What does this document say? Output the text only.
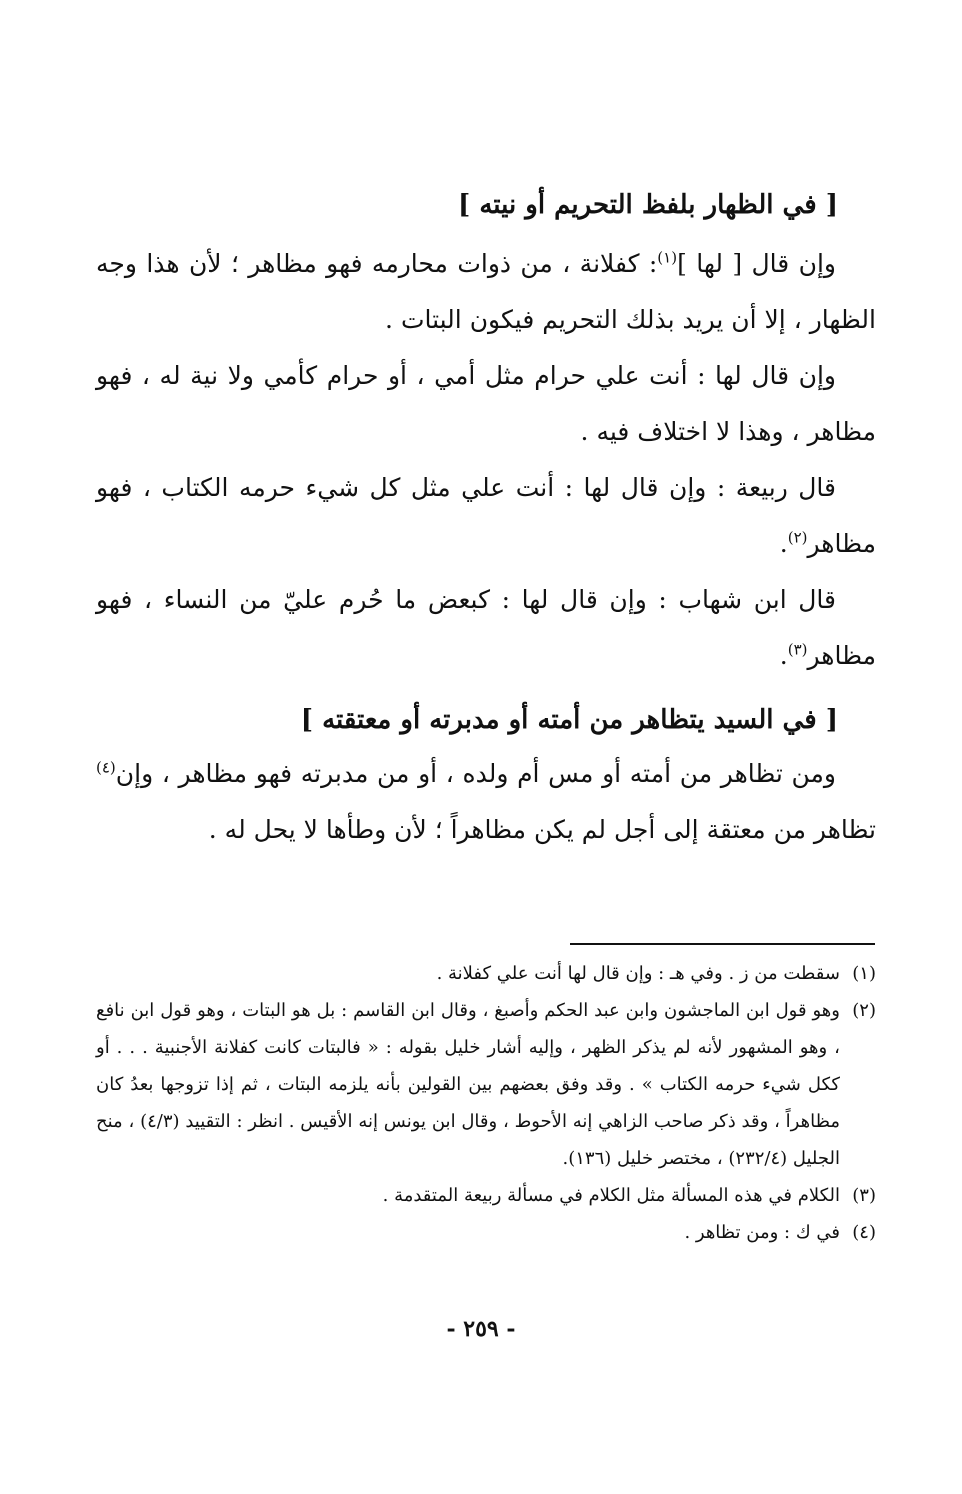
[ في الظهار بلفظ التحريم أو نيته ]

وإن قال [ لها ]$^{(١)}$: كفلانة ، من ذوات محارمه فهو مظاهر ؛ لأن هذا وجه الظهار ، إلا أن يريد بذلك التحريم فيكون البتات .

وإن قال لها : أنت علي حرام مثل أمي ، أو حرام كأمي ولا نية له ، فهو مظاهر ، وهذا لا اختلاف فيه .

قال ربيعة : وإن قال لها : أنت علي مثل كل شيء حرمه الكتاب ، فهو مظاهر$^{(٢)}$.

قال ابن شهاب : وإن قال لها : كبعض ما حُرم عليّ من النساء ، فهو مظاهر$^{(٣)}$.

[ في السيد يتظاهر من أمته أو مدبرته أو معتقته ]

ومن تظاهر من أمته أو مس أم ولده ، أو من مدبرته فهو مظاهر ، وإن$^{(٤)}$ تظاهر من معتقة إلى أجل لم يكن مظاهراً ؛ لأن وطأها لا يحل له .

(١)
سقطت من ز . وفي هـ : وإن قال لها أنت علي كفلانة .
(٢)
وهو قول ابن الماجشون وابن عبد الحكم وأصبغ ، وقال ابن القاسم : بل هو البتات ، وهو قول ابن نافع ، وهو المشهور لأنه لم يذكر الظهر ، وإليه أشار خليل بقوله : « فالبتات كانت كفلانة الأجنبية . . . أو ككل شيء حرمه الكتاب » . وقد وفق بعضهم بين القولين بأنه يلزمه البتات ، ثم إذا تزوجها بعدُ كان مظاهراً ، وقد ذكر صاحب الزاهي إنه الأحوط ، وقال ابن يونس إنه الأقيس . انظر : التقييد (٤/٣) ، منح الجليل (٢٣٢/٤) ، مختصر خليل (١٣٦).
(٣)
الكلام في هذه المسألة مثل الكلام في مسألة ربيعة المتقدمة .
(٤)
في ك : ومن تظاهر .
- ٢٥٩ -
